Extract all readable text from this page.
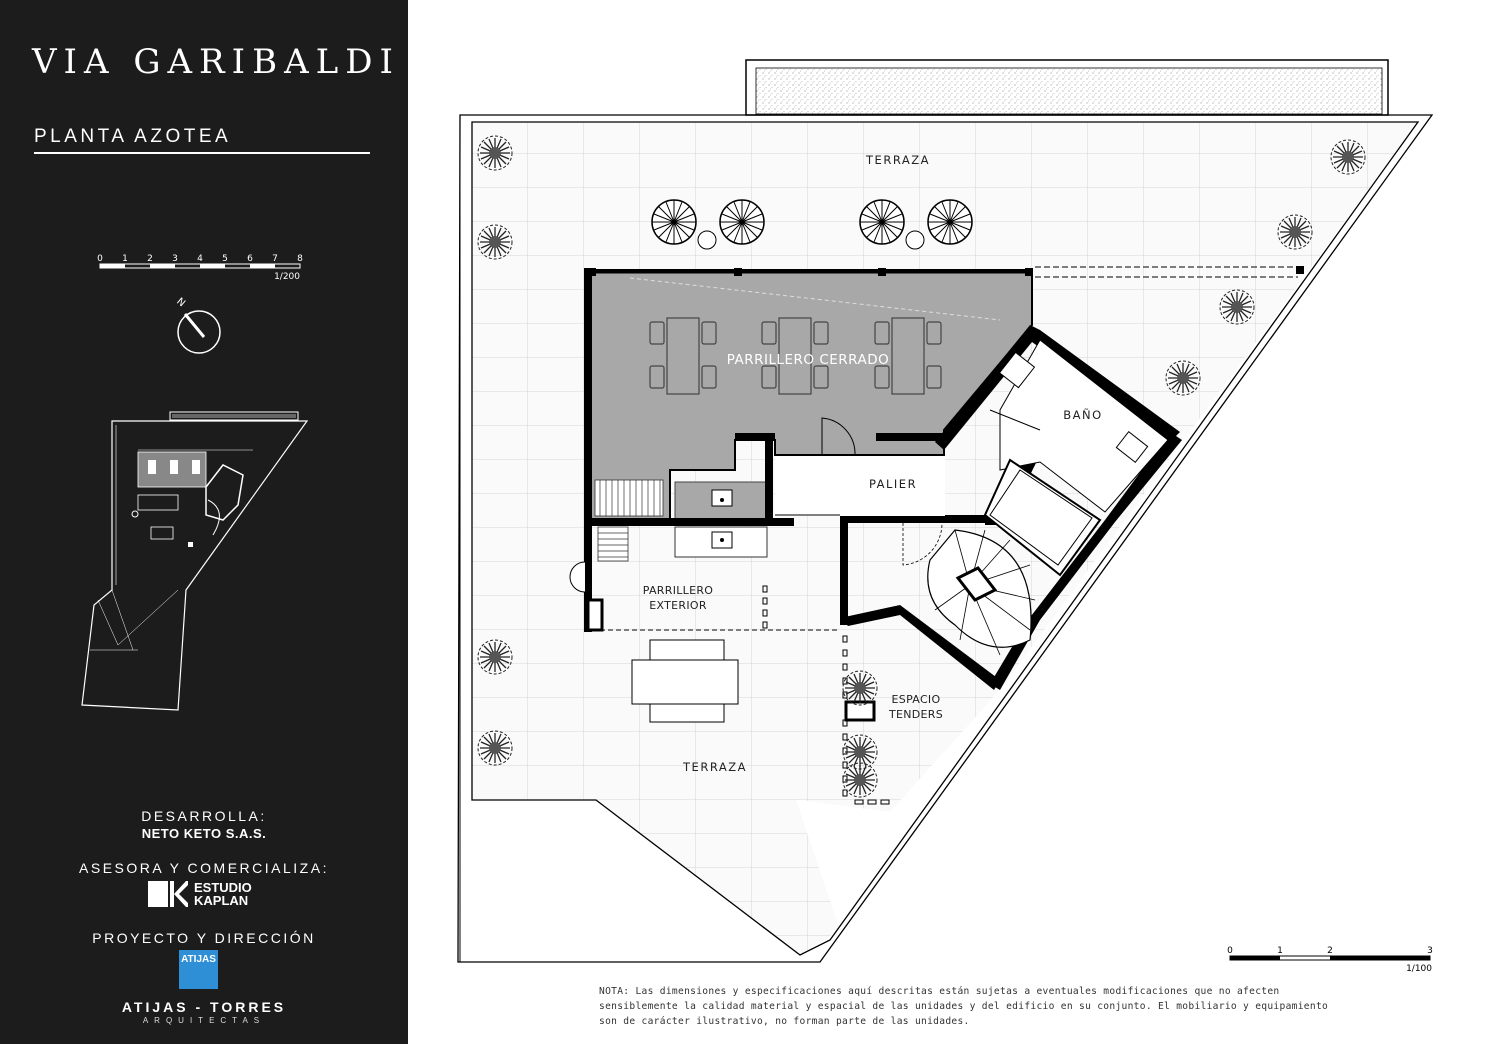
VIA GARIBALDI
PLANTA AZOTEA
0 1 2 3 4 5 6 7 8
1/200
N
DESARROLLA:
NETO KETO S.A.S.
ASESORA Y COMERCIALIZA:
ESTUDIO
KAPLAN
PROYECTO Y DIRECCIÓN
ATIJAS
ATIJAS - TORRES
ARQUITECTAS
TERRAZA
PARRILLERO CERRADO
BAÑO
PALIER
PARRILLERO
EXTERIOR
ESPACIO
TENDERS
TERRAZA
0	1	2	3
1/100
NOTA: Las dimensiones y especificaciones aquí descritas están sujetas a eventuales modificaciones que no afecten sensiblemente la calidad material y espacial de las unidades y del edificio en su conjunto. El mobiliario y equipamiento son de carácter ilustrativo, no forman parte de las unidades.
